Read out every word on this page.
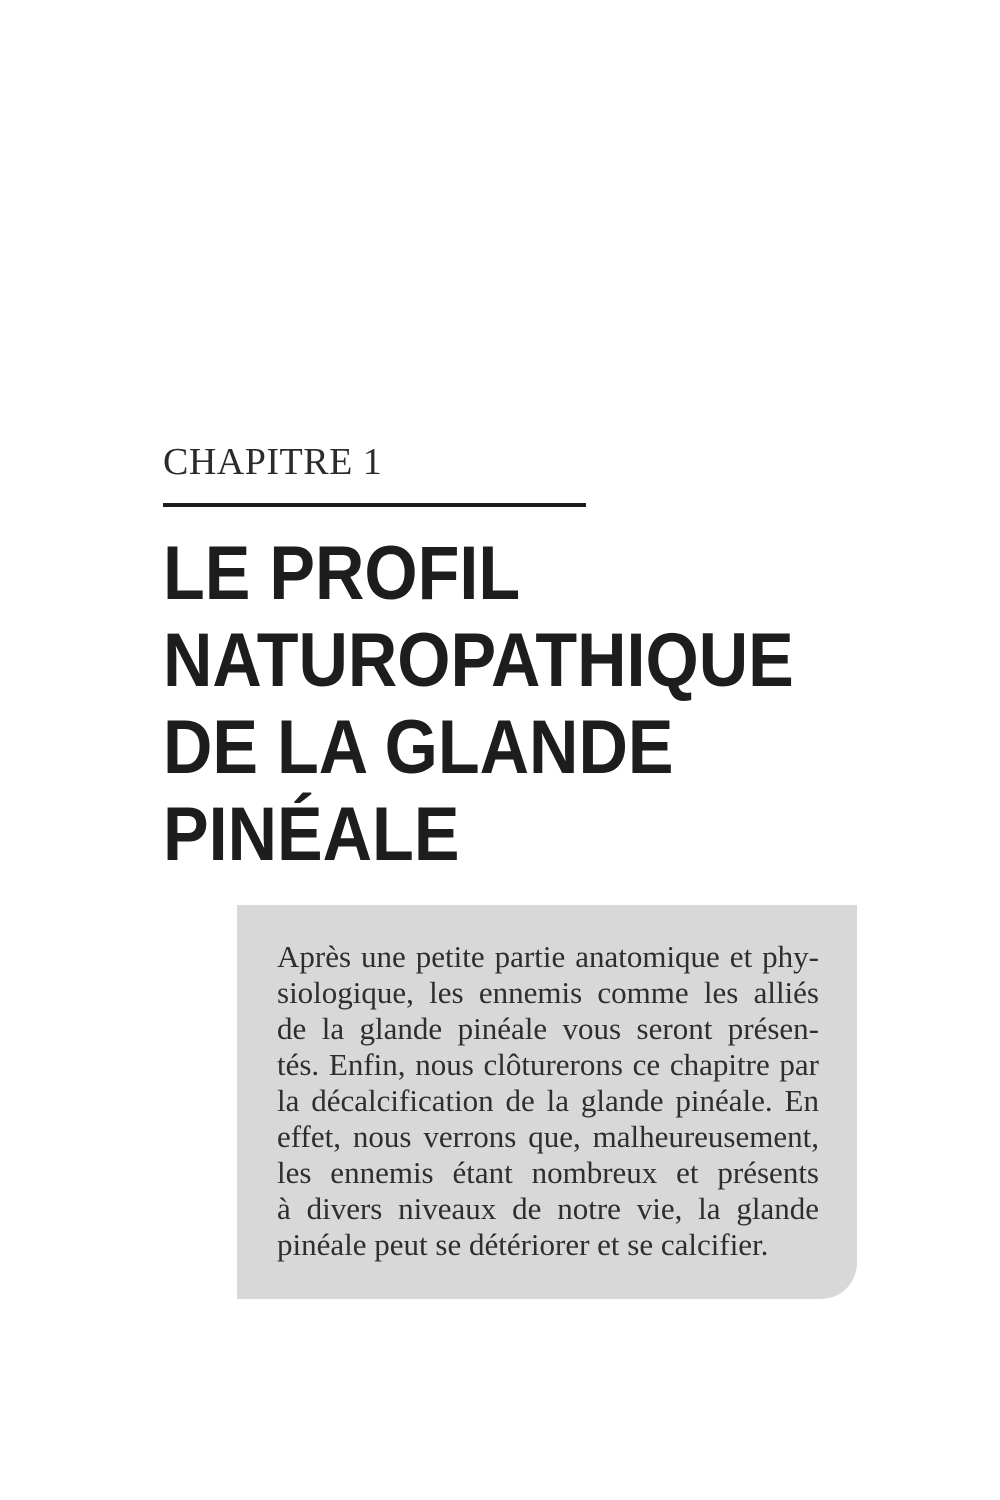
CHAPITRE 1
LE PROFIL
NATUROPATHIQUE
DE LA GLANDE
PINÉALE
Après une petite partie anatomique et phy-
siologique, les ennemis comme les alliés
de la glande pinéale vous seront présen-
tés. Enfin, nous clôturerons ce chapitre par
la décalcification de la glande pinéale. En
effet, nous verrons que, malheureusement,
les ennemis étant nombreux et présents
à divers niveaux de notre vie, la glande
pinéale peut se détériorer et se calcifier.
